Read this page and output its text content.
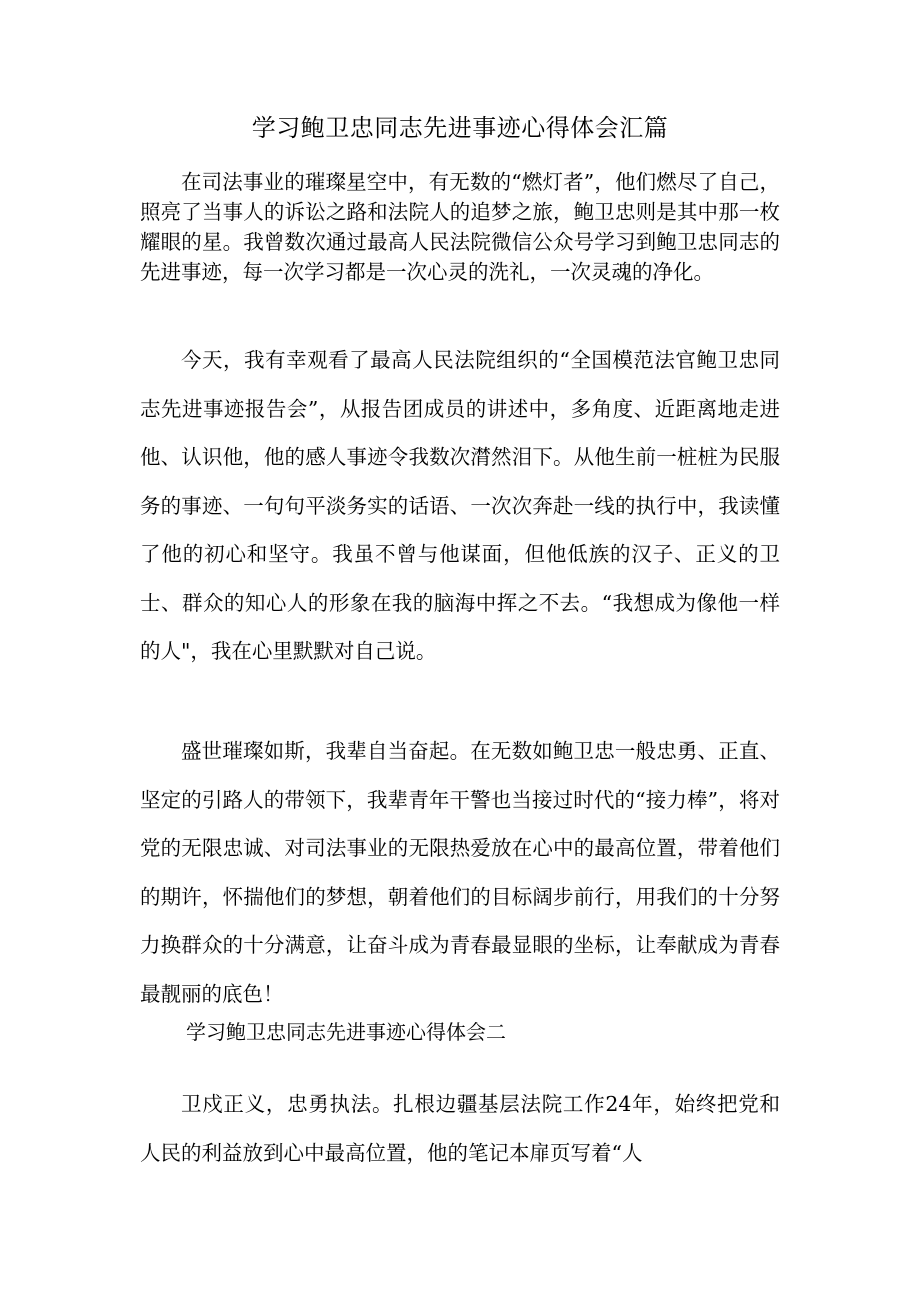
学习鲍卫忠同志先进事迹心得体会汇篇

在司法事业的璀璨星空中，有无数的“燃灯者”，他们燃尽了自己，照亮了当事人的诉讼之路和法院人的追梦之旅，鲍卫忠则是其中那一枚耀眼的星。我曾数次通过最高人民法院微信公众号学习到鲍卫忠同志的先进事迹，每一次学习都是一次心灵的洗礼，一次灵魂的净化。

今天，我有幸观看了最高人民法院组织的“全国模范法官鲍卫忠同志先进事迹报告会”，从报告团成员的讲述中，多角度、近距离地走进他、认识他，他的感人事迹令我数次潸然泪下。从他生前一桩桩为民服务的事迹、一句句平淡务实的话语、一次次奔赴一线的执行中，我读懂了他的初心和坚守。我虽不曾与他谋面，但他低族的汉子、正义的卫士、群众的知心人的形象在我的脑海中挥之不去。“我想成为像他一样的人"，我在心里默默对自己说。

盛世璀璨如斯，我辈自当奋起。在无数如鲍卫忠一般忠勇、正直、坚定的引路人的带领下，我辈青年干警也当接过时代的“接力棒”，将对党的无限忠诚、对司法事业的无限热爱放在心中的最高位置，带着他们的期许，怀揣他们的梦想，朝着他们的目标阔步前行，用我们的十分努力换群众的十分满意，让奋斗成为青春最显眼的坐标，让奉献成为青春最靓丽的底色！

学习鲍卫忠同志先进事迹心得体会二

卫戍正义，忠勇执法。扎根边疆基层法院工作24年，始终把党和人民的利益放到心中最高位置，他的笔记本扉页写着“人
